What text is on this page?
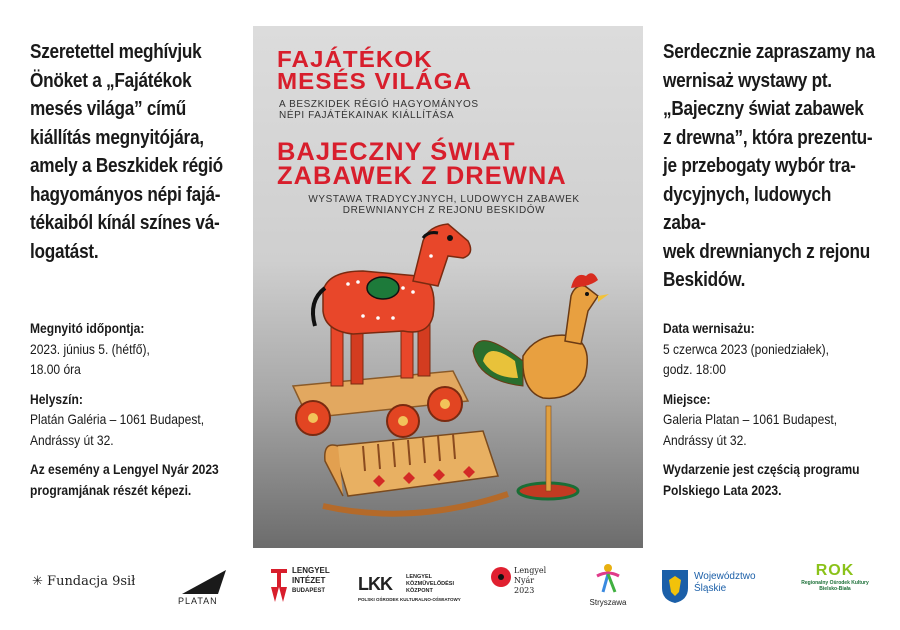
Szeretettel meghívjuk
Önöket a „Fajátékok
mesés világa” című
kiállítás megnyitójára,
amely a Beszkidek régió
hagyományos népi fajá-
tékaiból kínál színes vá-
logatást.

Megnyitó időpontja:
2023. június 5. (hétfő),
18.00 óra

Helyszín:
Platán Galéria – 1061 Budapest,
Andrássy út 32.

Az esemény a Lengyel Nyár 2023
programjának részét képezi.

Serdecznie zapraszamy na
wernisaż wystawy pt.
„Bajeczny świat zabawek
z drewna”, która prezentu-
je przebogaty wybór tra-
dycyjnych, ludowych zaba-
wek drewnianych z rejonu
Beskidów.

Data wernisażu:
5 czerwca 2023 (poniedziałek),
godz. 18:00

Miejsce:
Galeria Platan – 1061 Budapest,
Andrássy út 32.

Wydarzenie jest częścią programu
Polskiego Lata 2023.

FAJÁTÉKOK
MESÉS VILÁGA
A BESZKIDEK RÉGIÓ HAGYOMÁNYOS
NÉPI FAJÁTÉKAINAK KIÁLLÍTÁSA
BAJECZNY ŚWIAT
ZABAWEK Z DREWNA
WYSTAWA TRADYCYJNYCH, LUDOWYCH ZABAWEK
DREWNIANYCH Z REJONU BESKIDÓW
✳ Fundacja 9sił
PLATAN
LENGYEL
INTÉZET
BUDAPEST LKK	LENGYEL
KÖZMŰVELŐDÉSI
KÖZPONT
POLSKI OŚRODEK KULTURALNO-OŚWIATOWY
Lengyel
Nyár
2023
Stryszawa
Województwo
Śląskie
ROK
Regionalny Ośrodek Kultury
Bielsko-Biała
